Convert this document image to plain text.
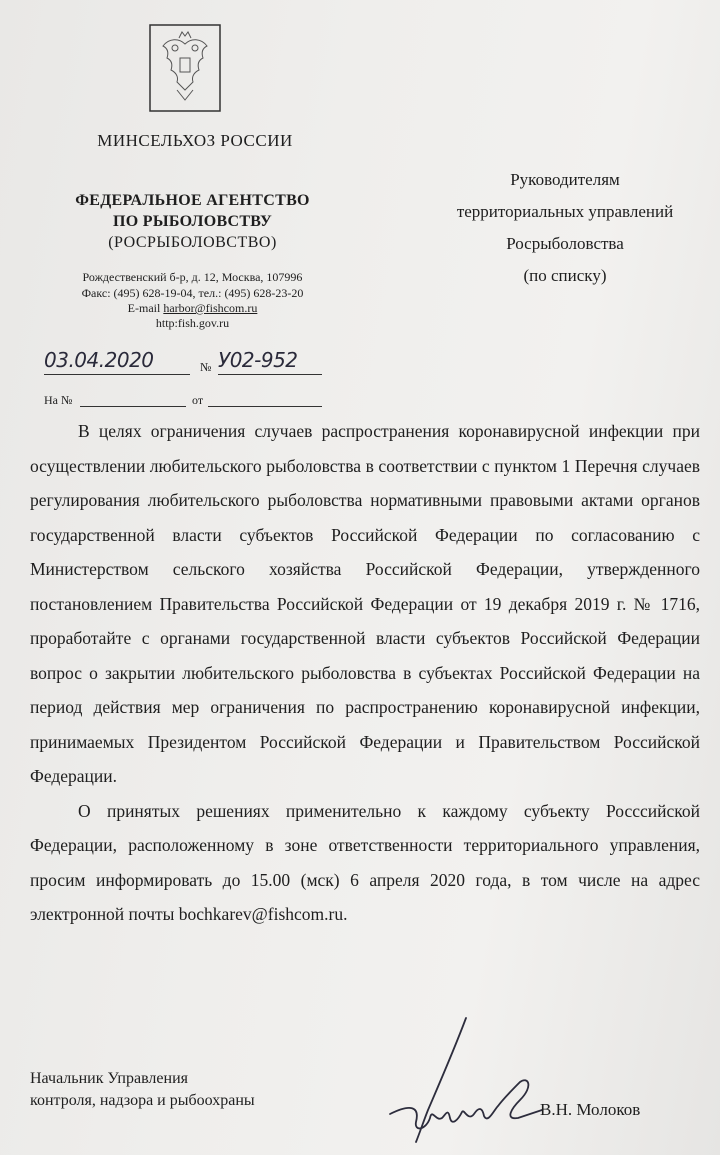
МИНСЕЛЬХОЗ РОССИИ
ФЕДЕРАЛЬНОЕ АГЕНТСТВО
ПО РЫБОЛОВСТВУ
(РОСРЫБОЛОВСТВО)
Рождественский б-р, д. 12, Москва, 107996
Факс: (495) 628-19-04, тел.: (495) 628-23-20
E-mail harbor@fishcom.ru
http:fish.gov.ru
Руководителям
территориальных управлений
Росрыболовства
(по списку)
03.04.2020	№ У02-952
На №	от

В целях ограничения случаев распространения коронавирусной инфекции при осуществлении любительского рыболовства в соответствии с пунктом 1 Перечня случаев регулирования любительского рыболовства нормативными правовыми актами органов государственной власти субъектов Российской Федерации по согласованию с Министерством сельского хозяйства Российской Федерации, утвержденного постановлением Правительства Российской Федерации от 19 декабря 2019 г. № 1716, проработайте с органами государственной власти субъектов Российской Федерации вопрос о закрытии любительского рыболовства в субъектах Российской Федерации на период действия мер ограничения по распространению коронавирусной инфекции, принимаемых Президентом Российской Федерации и Правительством Российской Федерации.

О принятых решениях применительно к каждому субъекту Росссийской Федерации, расположенному в зоне ответственности территориального управления, просим информировать до 15.00 (мск) 6 апреля 2020 года, в том числе на адрес электронной почты bochkarev@fishcom.ru.

Начальник Управления
контроля, надзора и рыбоохраны	В.Н. Молоков
